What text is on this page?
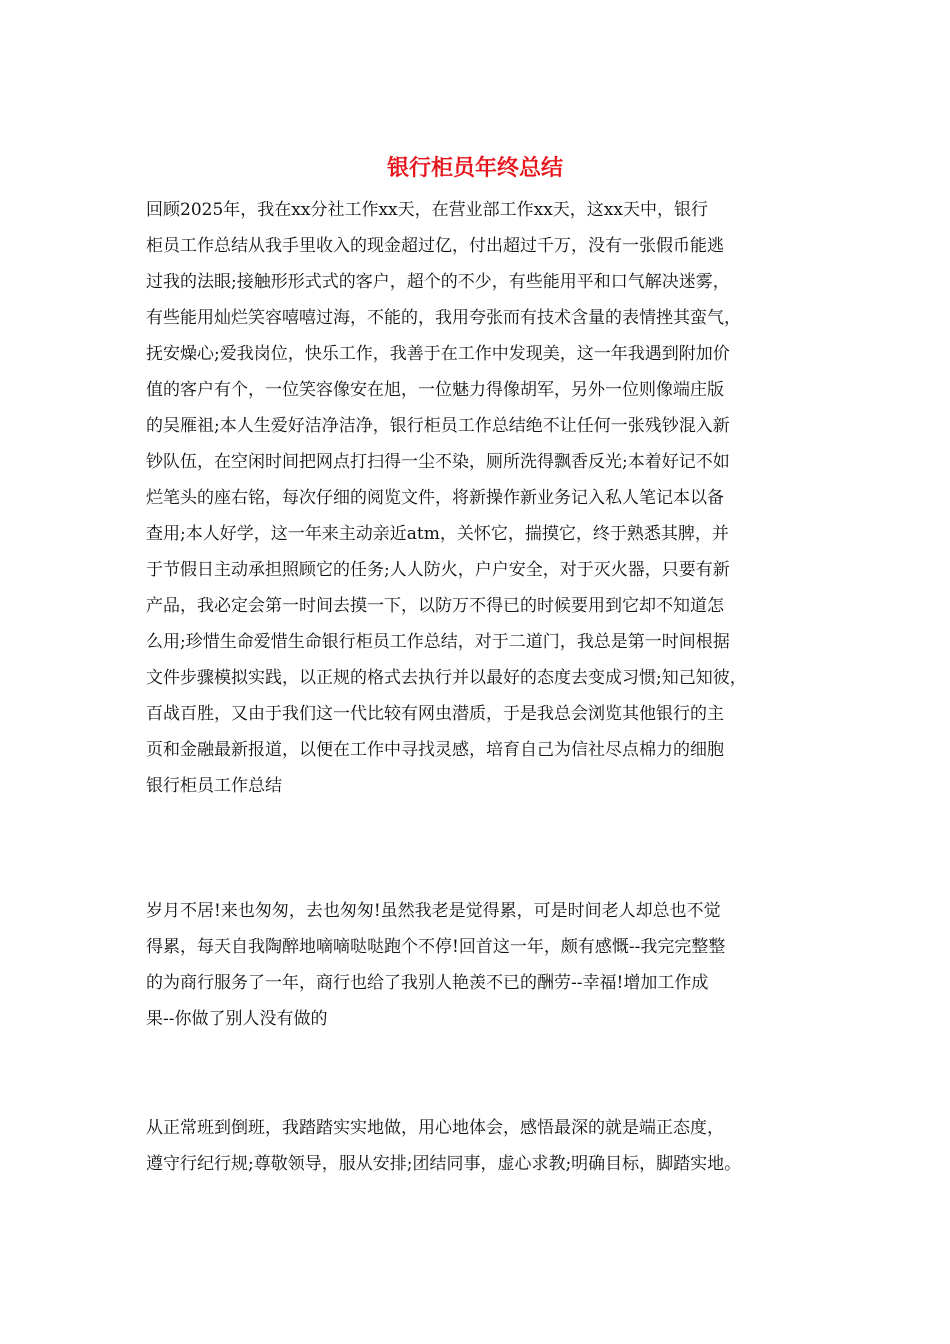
银行柜员年终总结
回顾2025年，我在xx分社工作xx天，在营业部工作xx天，这xx天中，银行
柜员工作总结从我手里收入的现金超过亿，付出超过千万，没有一张假币能逃
过我的法眼;接触形形式式的客户，超个的不少，有些能用平和口气解决迷雾，
有些能用灿烂笑容嘻嘻过海，不能的，我用夸张而有技术含量的表情挫其蛮气，
抚安燥心;爱我岗位，快乐工作，我善于在工作中发现美，这一年我遇到附加价
值的客户有个，一位笑容像安在旭，一位魅力得像胡军，另外一位则像端庄版
的吴雁祖;本人生爱好洁净洁净，银行柜员工作总结绝不让任何一张残钞混入新
钞队伍，在空闲时间把网点打扫得一尘不染，厕所洗得飘香反光;本着好记不如
烂笔头的座右铭，每次仔细的阅览文件，将新操作新业务记入私人笔记本以备
查用;本人好学，这一年来主动亲近atm，关怀它，揣摸它，终于熟悉其脾，并
于节假日主动承担照顾它的任务;人人防火，户户安全，对于灭火器，只要有新
产品，我必定会第一时间去摸一下，以防万不得已的时候要用到它却不知道怎
么用;珍惜生命爱惜生命银行柜员工作总结，对于二道门，我总是第一时间根据
文件步骤模拟实践，以正规的格式去执行并以最好的态度去变成习惯;知己知彼，
百战百胜，又由于我们这一代比较有网虫潜质，于是我总会浏览其他银行的主
页和金融最新报道，以便在工作中寻找灵感，培育自己为信社尽点棉力的细胞
银行柜员工作总结
岁月不居!来也匆匆，去也匆匆!虽然我老是觉得累，可是时间老人却总也不觉
得累，每天自我陶醉地嘀嘀哒哒跑个不停!回首这一年，颇有感慨--我完完整整
的为商行服务了一年，商行也给了我别人艳羡不已的酬劳--幸福!增加工作成
果--你做了别人没有做的
从正常班到倒班，我踏踏实实地做，用心地体会，感悟最深的就是端正态度，
遵守行纪行规;尊敬领导，服从安排;团结同事，虚心求教;明确目标，脚踏实地。
